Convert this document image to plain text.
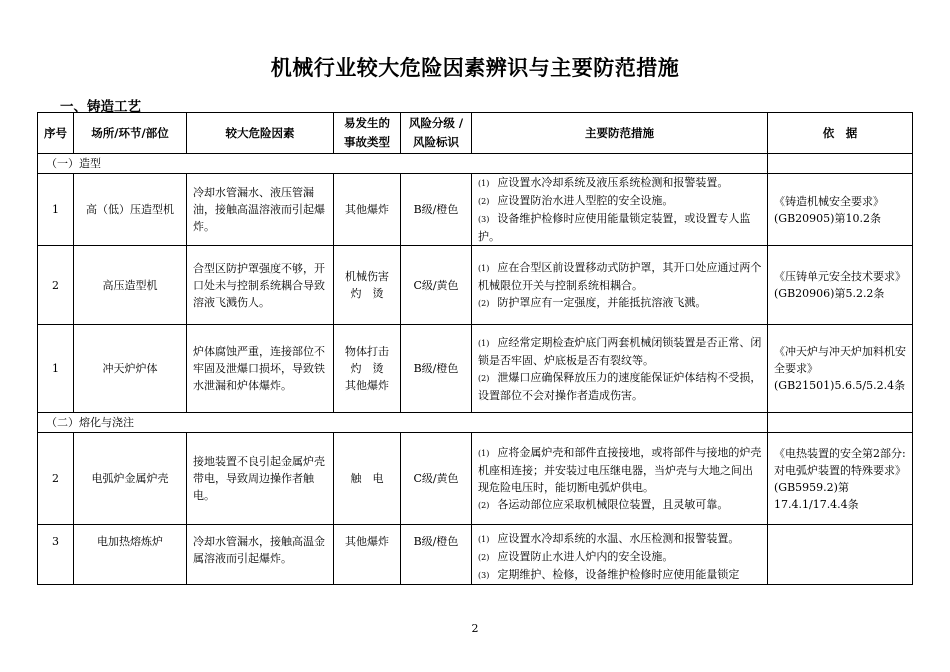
机械行业较大危险因素辨识与主要防范措施
一、铸造工艺
序号	场所/环节/部位	较大危险因素	易发生的
事故类型	风险分级 /
风险标识	主要防范措施	依　据
（一）造型						
1	高（低）压造型机	冷却水管漏水、液压管漏油，接触高温溶液而引起爆炸。	其他爆炸	B级/橙色	(1) 应设置水冷却系统及液压系统检测和报警装置。
(2) 应设置防治水进人型腔的安全设施。
(3) 设备维护检修时应使用能量锁定装置，或设置专人监护。	《铸造机械安全要求》(GB20905)第10.2条
2	高压造型机	合型区防护罩强度不够，开口处未与控制系统耦合导致溶液飞溅伤人。	机械伤害
灼　烫	C级/黄色	(1) 应在合型区前设置移动式防护罩，其开口处应通过两个机械限位开关与控制系统相耦合。
(2) 防护罩应有一定强度，并能抵抗溶液飞溅。	《压铸单元安全技术要求》(GB20906)第5.2.2条
1	冲天炉炉体	炉体腐蚀严重，连接部位不牢固及泄爆口损坏，导致铁水泄漏和炉体爆炸。	物体打击
灼　烫
其他爆炸	B级/橙色	(1) 应经常定期检查炉底门两套机械闭锁装置是否正常、闭锁是否牢固、炉底板是否有裂纹等。
(2) 泄爆口应确保释放压力的速度能保证炉体结构不受损，设置部位不会对操作者造成伤害。	《冲天炉与冲天炉加料机安全要求》(GB21501)5.6.5/5.2.4条
（二）熔化与浇注						
2	电弧炉金属炉壳	接地装置不良引起金属炉壳带电，导致周边操作者触电。	触　电	C级/黄色	(1) 应将金属炉壳和部件直接接地，或将部件与接地的炉壳机座相连接；并安装过电压继电器，当炉壳与大地之间出现危险电压时，能切断电弧炉供电。
(2) 各运动部位应采取机械限位装置，且灵敏可靠。	《电热装置的安全第2部分:对电弧炉装置的特殊要求》(GB5959.2)第17.4.1/17.4.4条
3	电加热熔炼炉	冷却水管漏水，接触高温金属溶液而引起爆炸。	其他爆炸	B级/橙色	(1) 应设置水冷却系统的水温、水压检测和报警装置。
(2) 应设置防止水进人炉内的安全设施。
(3) 定期维护、检修，设备维护检修时应使用能量锁定	

2
